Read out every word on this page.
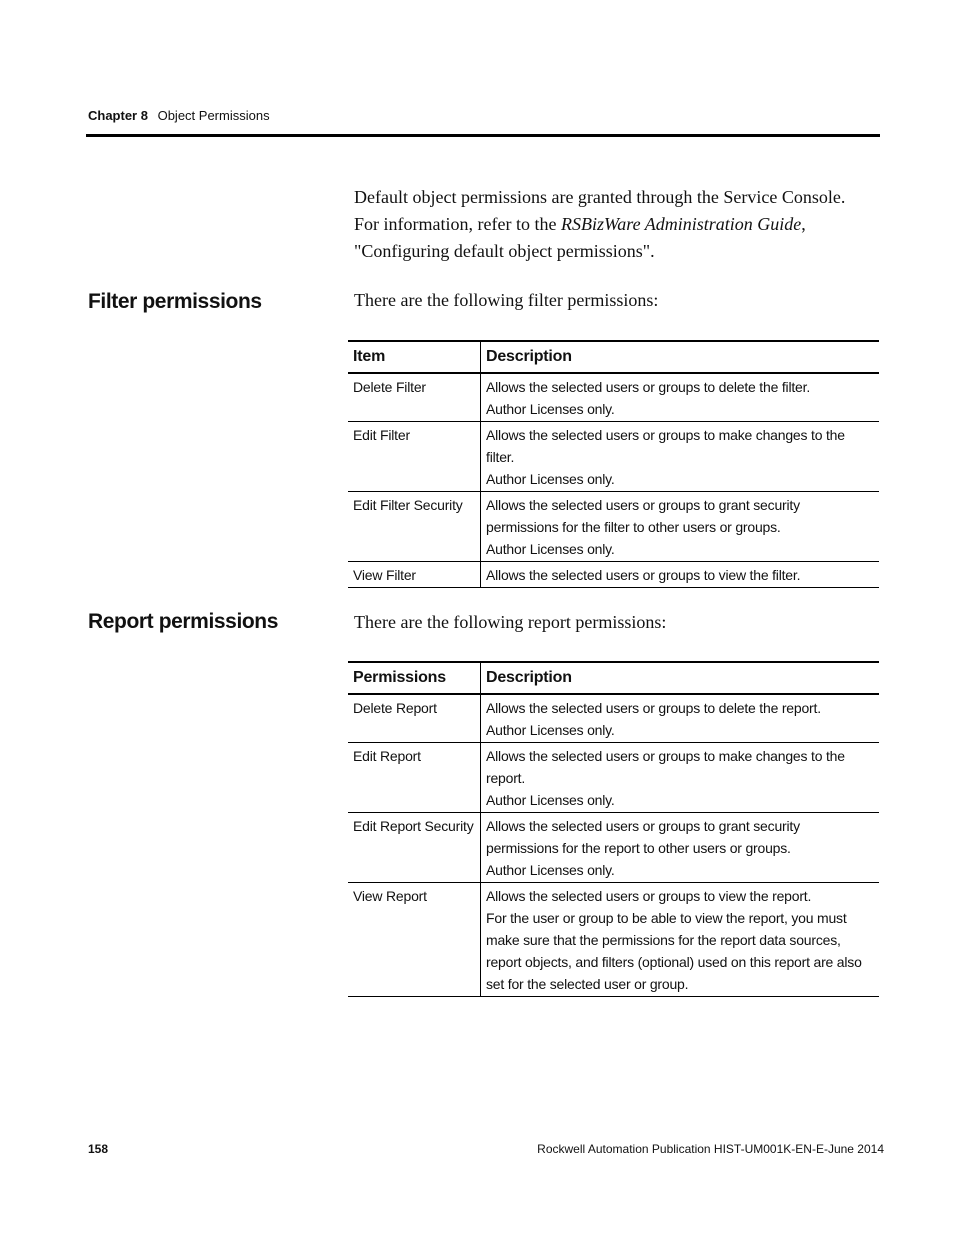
Chapter 8 Object Permissions
Default object permissions are granted through the Service Console.
For information, refer to the RSBizWare Administration Guide,
"Configuring default object permissions".
Filter permissions	There are the following filter permissions:
Item	Description
Delete Filter	Allows the selected users or groups to delete the filter.
Author Licenses only.

Edit Filter	Allows the selected users or groups to make changes to the filter.
Author Licenses only.

Edit Filter Security	Allows the selected users or groups to grant security permissions for the filter to other users or groups.
Author Licenses only.

View Filter	Allows the selected users or groups to view the filter.
Report permissions	There are the following report permissions:
Permissions	Description
Delete Report	Allows the selected users or groups to delete the report.
Author Licenses only.

Edit Report	Allows the selected users or groups to make changes to the report.
Author Licenses only.

Edit Report Security	Allows the selected users or groups to grant security permissions for the report to other users or groups.
Author Licenses only.

View Report	Allows the selected users or groups to view the report.
For the user or group to be able to view the report, you must make sure that the permissions for the report data sources, report objects, and filters (optional) used on this report are also set for the selected user or group.
158	Rockwell Automation Publication HIST-UM001K-EN-E-June 2014
